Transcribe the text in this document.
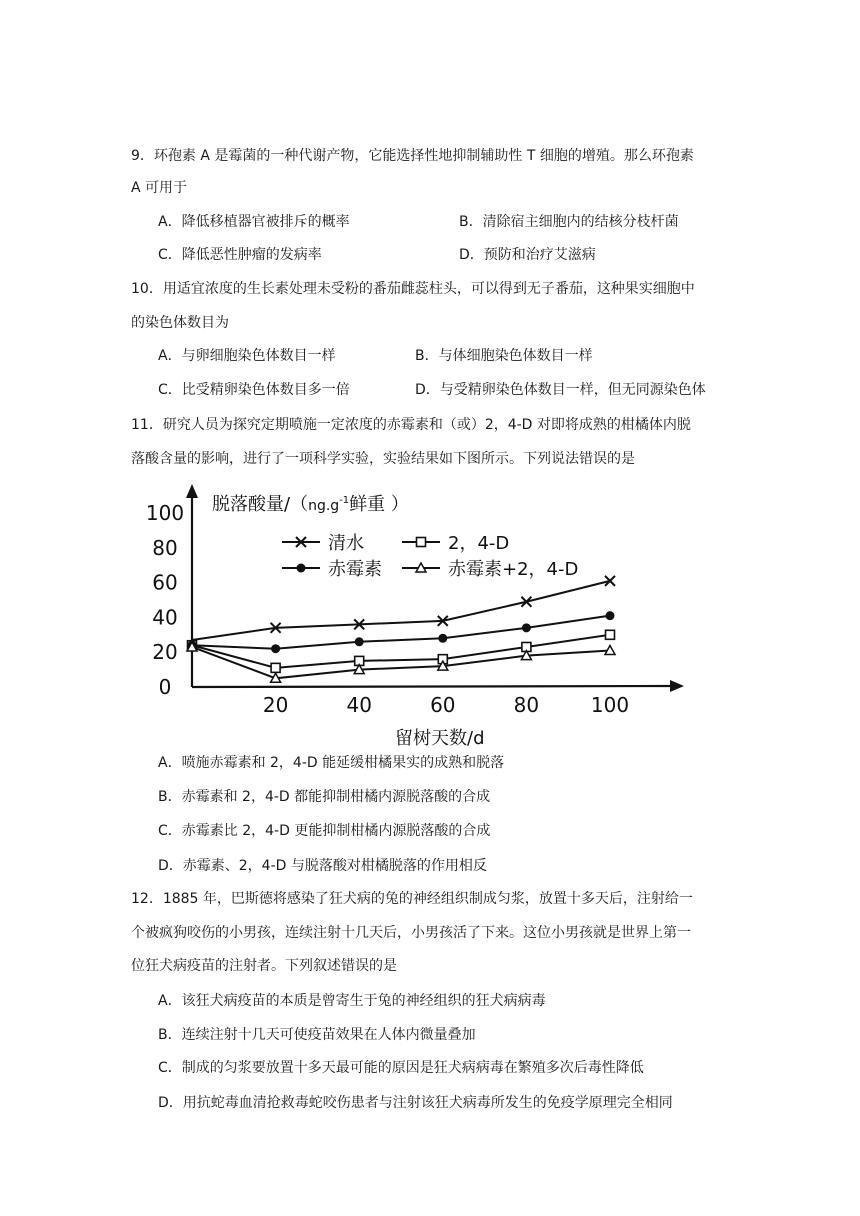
9．环孢素 A 是霉菌的一种代谢产物，它能选择性地抑制辅助性 T 细胞的增殖。那么环孢素
A 可用于
A．降低移植器官被排斥的概率	B．清除宿主细胞内的结核分枝杆菌
C．降低恶性肿瘤的发病率	D．预防和治疗艾滋病
10．用适宜浓度的生长素处理未受粉的番茄雌蕊柱头，可以得到无子番茄，这种果实细胞中
的染色体数目为
A．与卵细胞染色体数目一样	B．与体细胞染色体数目一样
C．比受精卵染色体数目多一倍	D．与受精卵染色体数目一样，但无同源染色体
11．研究人员为探究定期喷施一定浓度的赤霉素和（或）2，4-D 对即将成熟的柑橘体内脱
落酸含量的影响，进行了一项科学实验，实验结果如下图所示。下列说法错误的是
100
80
60
40
20
0
20	40	60	80	100
清水	2，4-D
赤霉素	赤霉素+2，4-D
脱落酸量$/(ng.g^{-1}$鲜重 ）
留树天数/d
A．喷施赤霉素和 2，4-D 能延缓柑橘果实的成熟和脱落
B．赤霉素和 2，4-D 都能抑制柑橘内源脱落酸的合成
C．赤霉素比 2，4-D 更能抑制柑橘内源脱落酸的合成
D．赤霉素、2，4-D 与脱落酸对柑橘脱落的作用相反
12．1885 年，巴斯德将感染了狂犬病的兔的神经组织制成匀浆，放置十多天后，注射给一
个被疯狗咬伤的小男孩，连续注射十几天后，小男孩活了下来。这位小男孩就是世界上第一
位狂犬病疫苗的注射者。下列叙述错误的是
A．该狂犬病疫苗的本质是曾寄生于兔的神经组织的狂犬病病毒
B．连续注射十几天可使疫苗效果在人体内微量叠加
C．制成的匀浆要放置十多天最可能的原因是狂犬病病毒在繁殖多次后毒性降低
D．用抗蛇毒血清抢救毒蛇咬伤患者与注射该狂犬病毒所发生的免疫学原理完全相同
